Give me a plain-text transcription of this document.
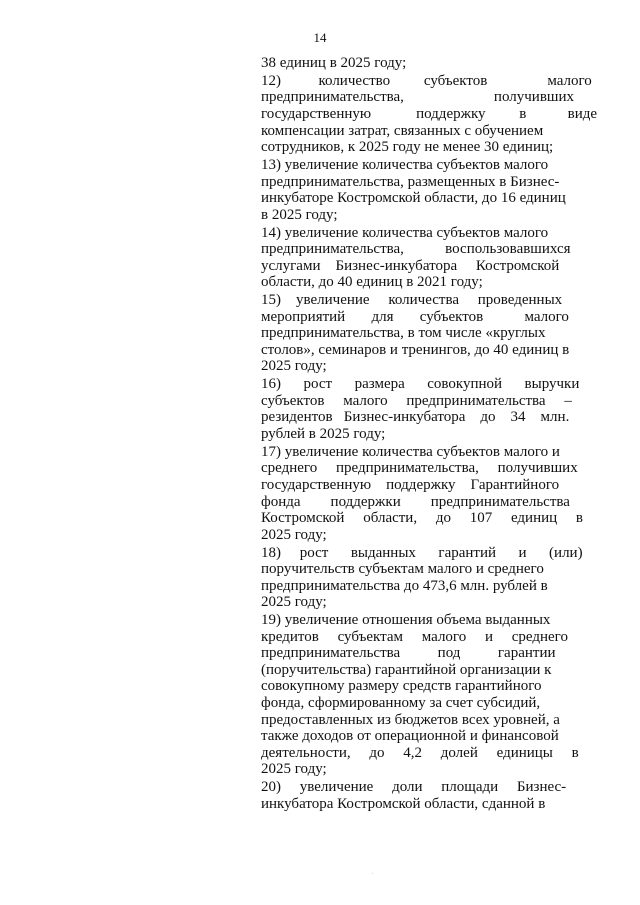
14
38 единиц в 2025 году;
12)          количество         субъектов                малого
предпринимательства,                        получивших
государственную            поддержку         в           виде
компенсации затрат, связанных с обучением
сотрудников, к 2025 году не менее 30 единиц;
13) увеличение количества субъектов малого
предпринимательства, размещенных в Бизнес-
инкубаторе Костромской области, до 16 единиц
в 2025 году;
14) увеличение количества субъектов малого
предпринимательства,           воспользовавшихся
услугами    Бизнес-инкубатора     Костромской
области, до 40 единиц в 2021 году;
15)    увеличение     количества     проведенных
мероприятий       для       субъектов           малого
предпринимательства, в том числе «круглых
столов», семинаров и тренингов, до 40 единиц в
2025 году;
16)      рост      размера      совокупной      выручки
субъектов     малого     предпринимательства     –
резидентов   Бизнес-инкубатора    до    34    млн.
рублей в 2025 году;
17) увеличение количества субъектов малого и
среднего     предпринимательства,     получивших
государственную    поддержку    Гарантийного
фонда        поддержки        предпринимательства
Костромской     области,     до     107     единиц     в
2025 году;
18)     рост      выданных      гарантий      и      (или)
поручительств субъектам малого и среднего
предпринимательства до 473,6 млн. рублей в
2025 году;
19) увеличение отношения объема выданных
кредитов     субъектам     малого     и     среднего
предпринимательства          под          гарантии
(поручительства) гарантийной организации к
совокупному размеру средств гарантийного
фонда, сформированному за счет субсидий,
предоставленных из бюджетов всех уровней, а
также доходов от операционной и финансовой
деятельности,     до     4,2     долей     единицы     в
2025 году;
20)     увеличение     доли     площади     Бизнес-
инкубатора Костромской области, сданной в
.
